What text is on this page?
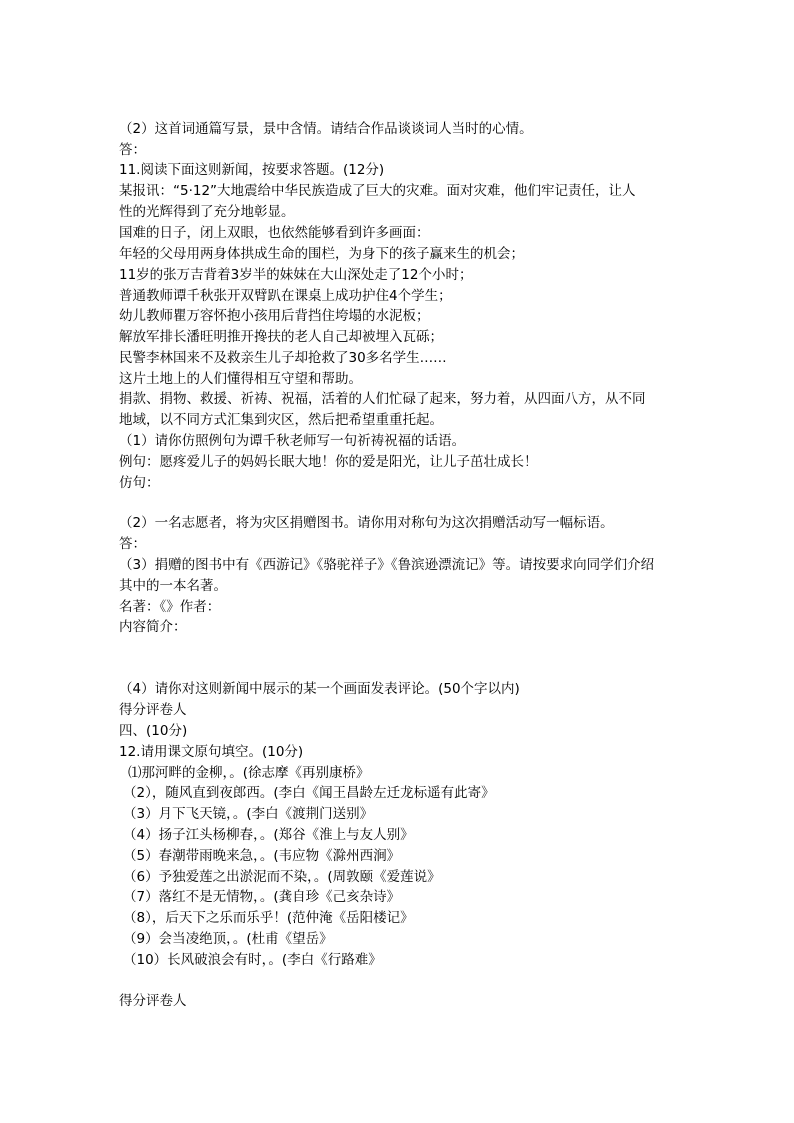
（2）这首词通篇写景，景中含情。请结合作品谈谈词人当时的心情。
答：
11.阅读下面这则新闻，按要求答题。(12分)
某报讯：“5·12”大地震给中华民族造成了巨大的灾难。面对灾难，他们牢记责任，让人
性的光辉得到了充分地彰显。
国难的日子，闭上双眼，也依然能够看到许多画面：
年轻的父母用两身体拱成生命的围栏，为身下的孩子赢来生的机会；
11岁的张万吉背着3岁半的妹妹在大山深处走了12个小时；
普通教师谭千秋张开双臂趴在课桌上成功护住4个学生；
幼儿教师瞿万容怀抱小孩用后背挡住垮塌的水泥板；
解放军排长潘旺明推开搀扶的老人自己却被埋入瓦砾；
民警李林国来不及救亲生儿子却抢救了30多名学生……
这片土地上的人们懂得相互守望和帮助。
捐款、捐物、救援、祈祷、祝福，活着的人们忙碌了起来，努力着，从四面八方，从不同
地域，以不同方式汇集到灾区，然后把希望重重托起。
（1）请你仿照例句为谭千秋老师写一句祈祷祝福的话语。
例句：愿疼爱儿子的妈妈长眠大地！你的爱是阳光，让儿子茁壮成长！
仿句：
（2）一名志愿者，将为灾区捐赠图书。请你用对称句为这次捐赠活动写一幅标语。
答：
（3）捐赠的图书中有《西游记》《骆驼祥子》《鲁滨逊漂流记》等。请按要求向同学们介绍
其中的一本名著。
名著：《》作者：
内容简介：
（4）请你对这则新闻中展示的某一个画面发表评论。(50个字以内)
得分评卷人
四、(10分)
12.请用课文原句填空。(10分)
⑴那河畔的金柳，。(徐志摩《再别康桥》
（2），随风直到夜郎西。(李白《闻王昌龄左迁龙标遥有此寄》
（3）月下飞天镜，。(李白《渡荆门送别》
（4）扬子江头杨柳春，。(郑谷《淮上与友人别》
（5）春潮带雨晚来急，。(韦应物《滁州西涧》
（6）予独爱莲之出淤泥而不染，。(周敦颐《爱莲说》
（7）落红不是无情物，。(龚自珍《己亥杂诗》
（8），后天下之乐而乐乎！(范仲淹《岳阳楼记》
（9）会当凌绝顶，。(杜甫《望岳》
（10）长风破浪会有时，。(李白《行路难》
得分评卷人
